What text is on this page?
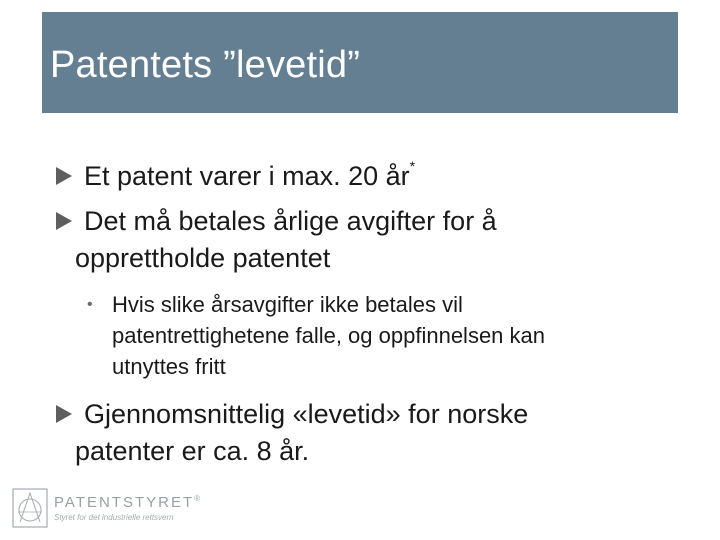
Patentets ”levetid”
Et patent varer i max. 20 år*
Det må betales årlige avgifter for å
opprettholde patentet
• Hvis slike årsavgifter ikke betales vil
patentrettighetene falle, og oppfinnelsen kan
utnyttes fritt
Gjennomsnittelig «levetid» for norske
patenter er ca. 8 år.
PATENTSTYRET®
Styret for det industrielle rettsvern
